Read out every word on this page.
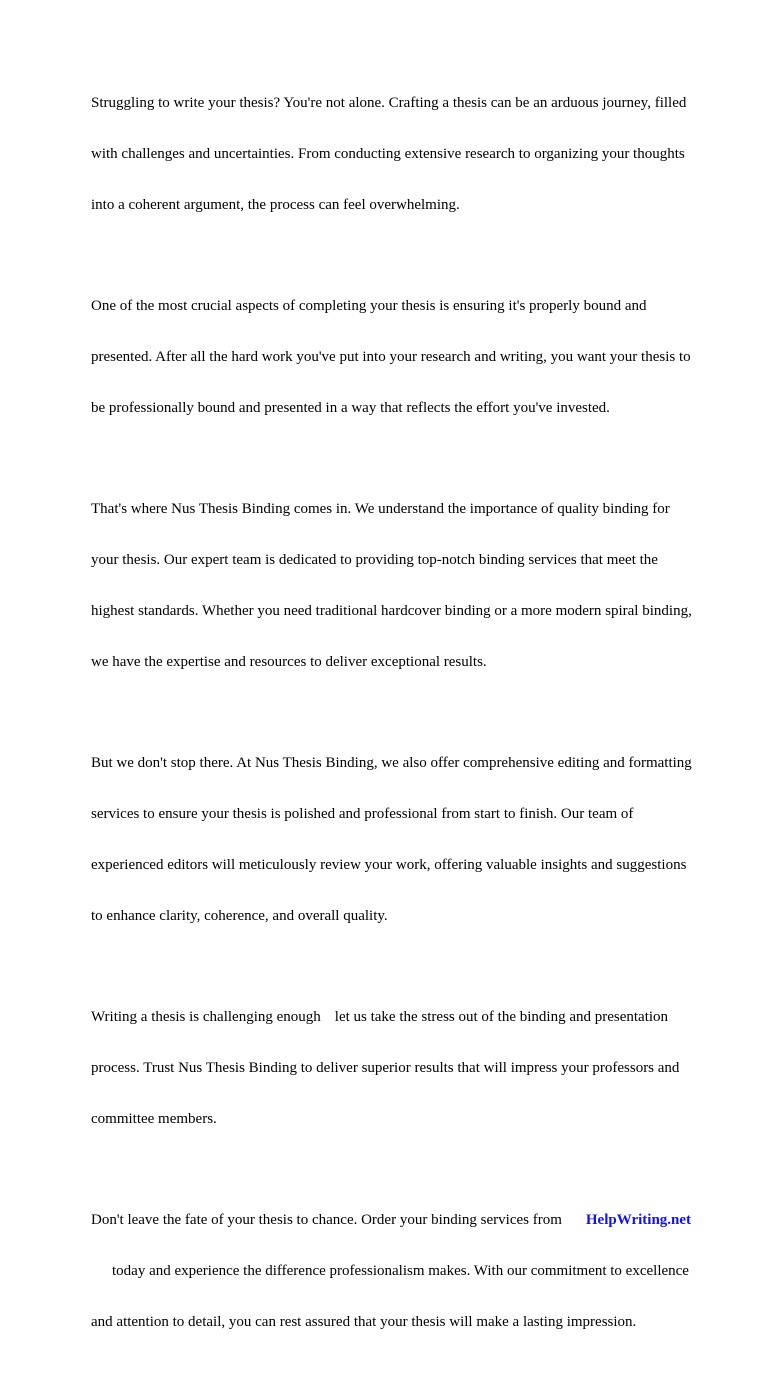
Struggling to write your thesis? You're not alone. Crafting a thesis can be an arduous journey, filled

with challenges and uncertainties. From conducting extensive research to organizing your thoughts

into a coherent argument, the process can feel overwhelming.

One of the most crucial aspects of completing your thesis is ensuring it's properly bound and

presented. After all the hard work you've put into your research and writing, you want your thesis to

be professionally bound and presented in a way that reflects the effort you've invested.

That's where Nus Thesis Binding comes in. We understand the importance of quality binding for

your thesis. Our expert team is dedicated to providing top-notch binding services that meet the

highest standards. Whether you need traditional hardcover binding or a more modern spiral binding,

we have the expertise and resources to deliver exceptional results.

But we don't stop there. At Nus Thesis Binding, we also offer comprehensive editing and formatting

services to ensure your thesis is polished and professional from start to finish. Our team of

experienced editors will meticulously review your work, offering valuable insights and suggestions

to enhance clarity, coherence, and overall quality.

Writing a thesis is challenging enough let us take the stress out of the binding and presentation

process. Trust Nus Thesis Binding to deliver superior results that will impress your professors and

committee members.

Don't leave the fate of your thesis to chance. Order your binding services from HelpWriting.net

today and experience the difference professionalism makes. With our commitment to excellence

and attention to detail, you can rest assured that your thesis will make a lasting impression.
